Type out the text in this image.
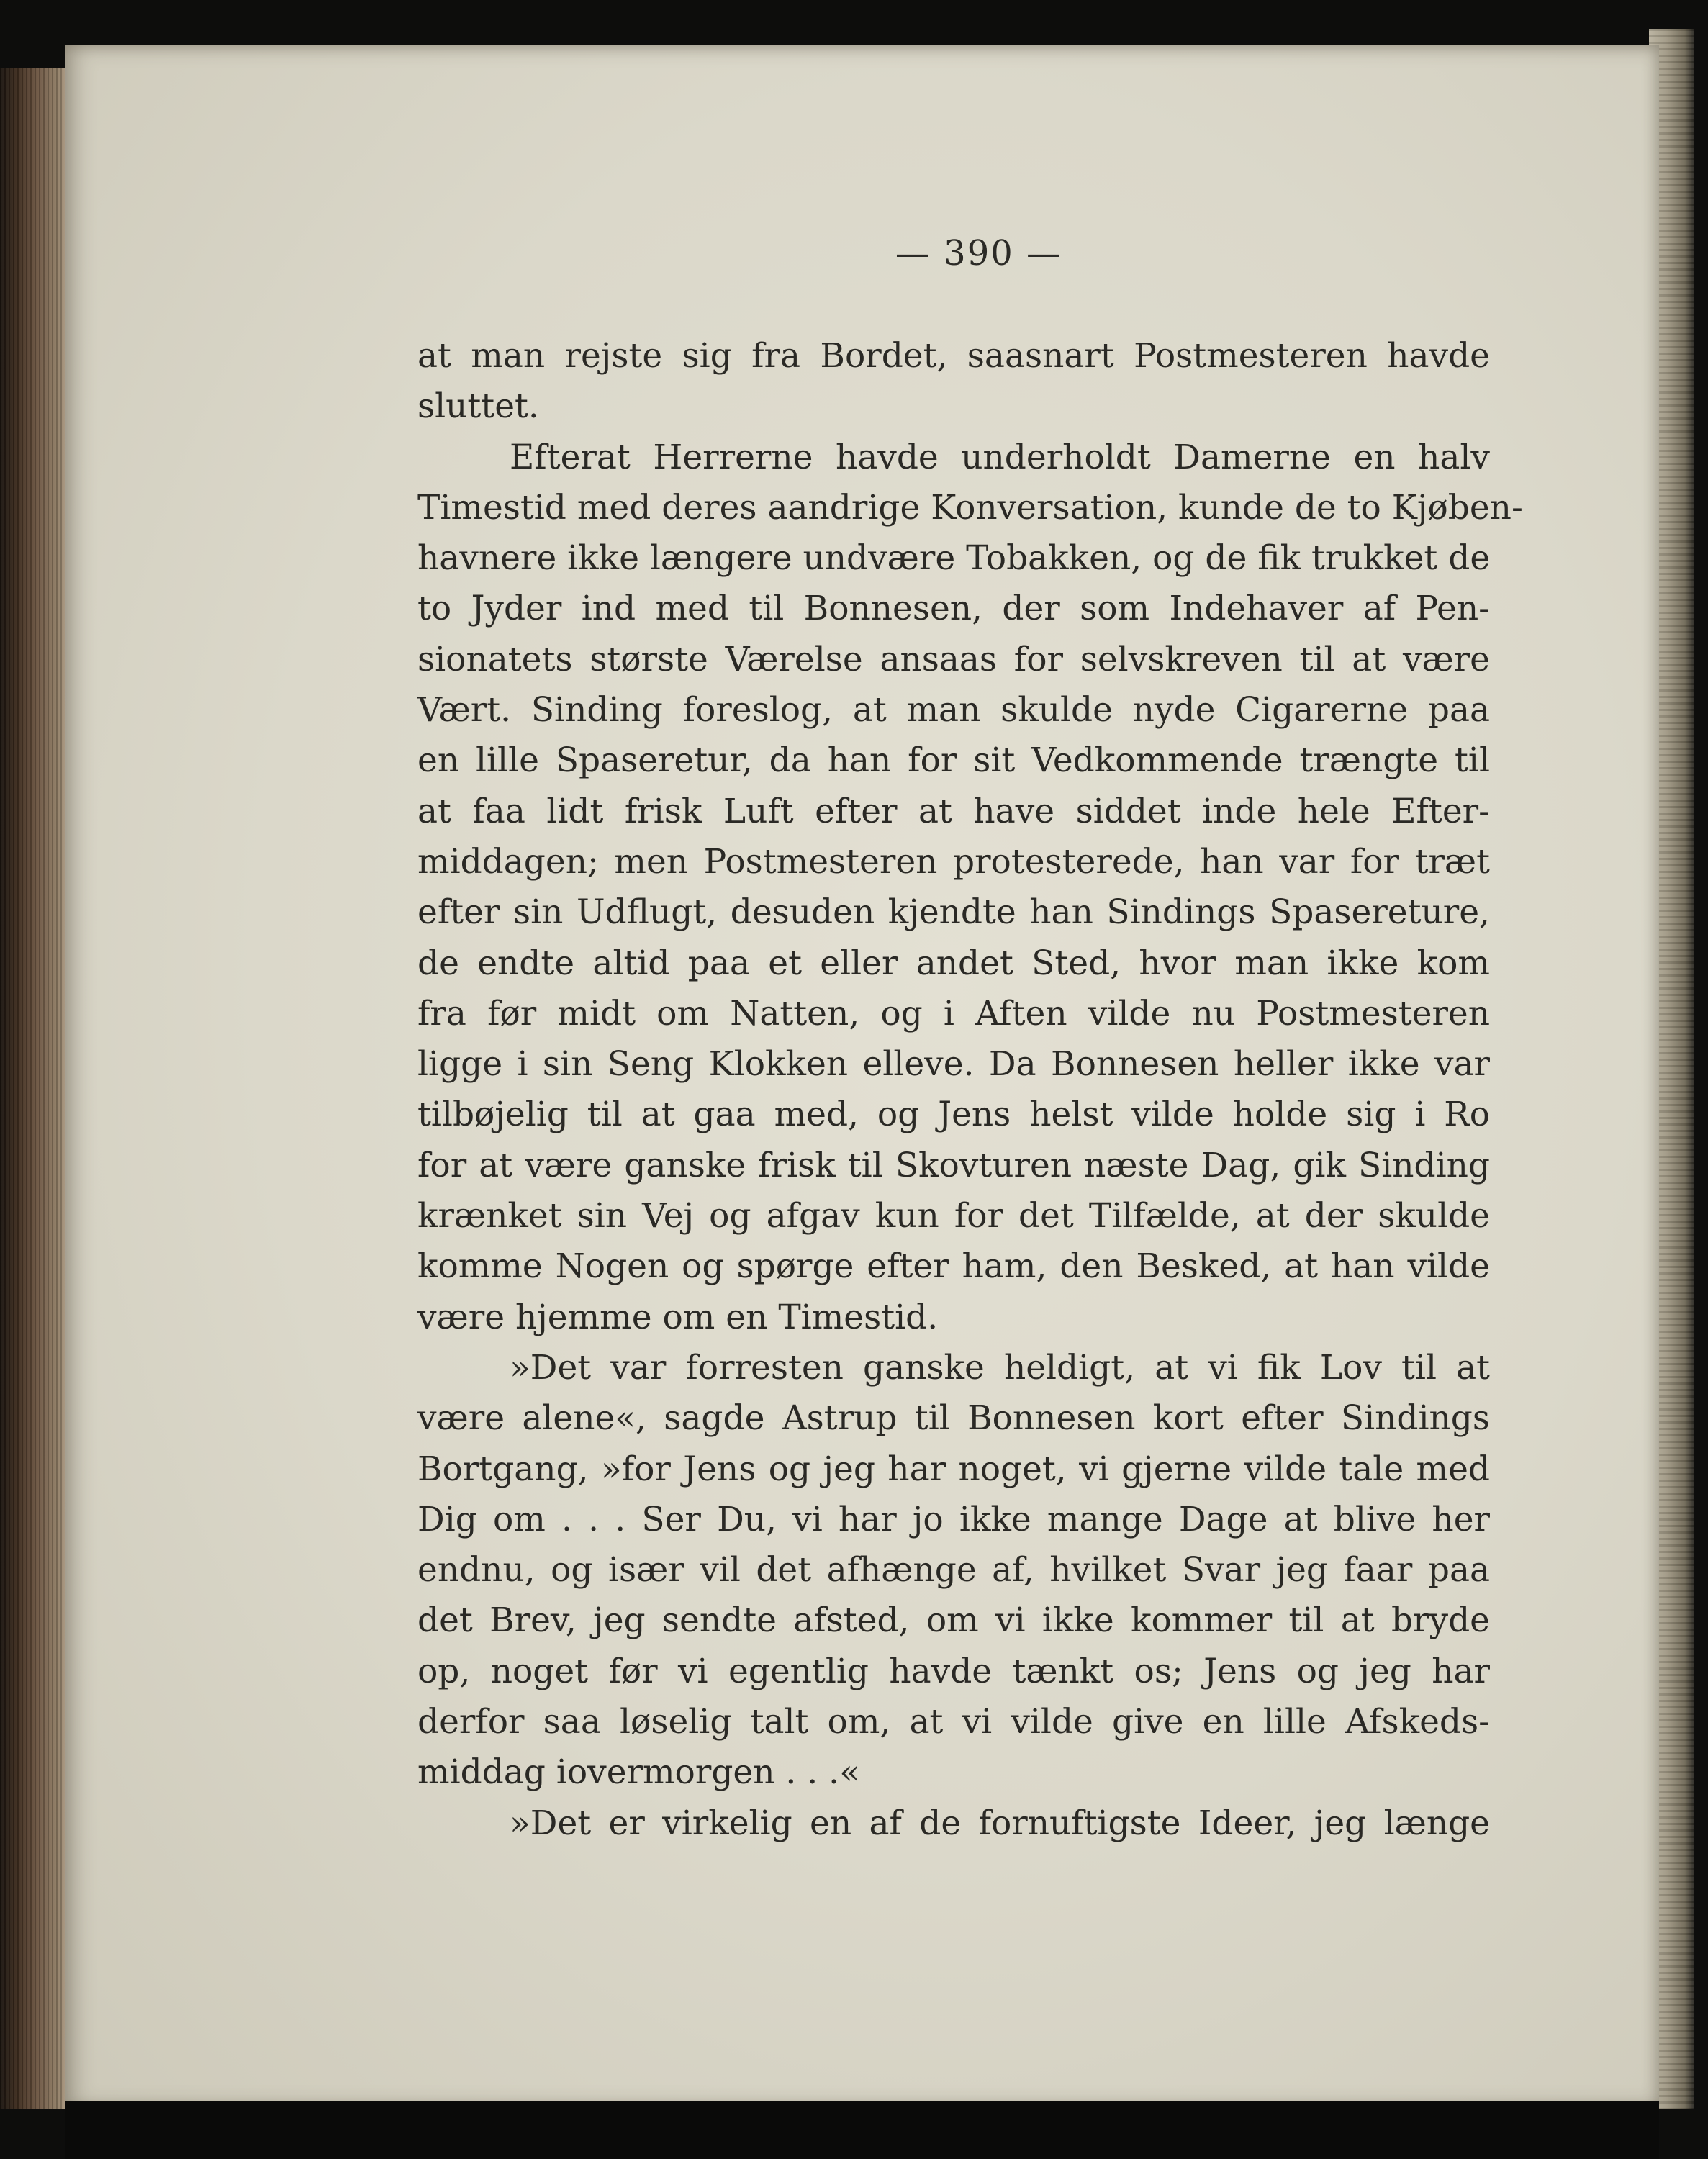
— 390 —
at man rejste sig fra Bordet, saasnart Postmesteren havde
sluttet.
Efterat Herrerne havde underholdt Damerne en halv
Timestid med deres aandrige Konversation, kunde de to Kjøben-
havnere ikke længere undvære Tobakken, og de fik trukket de
to Jyder ind med til Bonnesen, der som Indehaver af Pen-
sionatets største Værelse ansaas for selvskreven til at være
Vært. Sinding foreslog, at man skulde nyde Cigarerne paa
en lille Spaseretur, da han for sit Vedkommende trængte til
at faa lidt frisk Luft efter at have siddet inde hele Efter-
middagen; men Postmesteren protesterede, han var for træt
efter sin Udflugt, desuden kjendte han Sindings Spasereture,
de endte altid paa et eller andet Sted, hvor man ikke kom
fra før midt om Natten, og i Aften vilde nu Postmesteren
ligge i sin Seng Klokken elleve. Da Bonnesen heller ikke var
tilbøjelig til at gaa med, og Jens helst vilde holde sig i Ro
for at være ganske frisk til Skovturen næste Dag, gik Sinding
krænket sin Vej og afgav kun for det Tilfælde, at der skulde
komme Nogen og spørge efter ham, den Besked, at han vilde
være hjemme om en Timestid.
»Det var forresten ganske heldigt, at vi fik Lov til at
være alene«, sagde Astrup til Bonnesen kort efter Sindings
Bortgang, »for Jens og jeg har noget, vi gjerne vilde tale med
Dig om . . . Ser Du, vi har jo ikke mange Dage at blive her
endnu, og især vil det afhænge af, hvilket Svar jeg faar paa
det Brev, jeg sendte afsted, om vi ikke kommer til at bryde
op, noget før vi egentlig havde tænkt os; Jens og jeg har
derfor saa løselig talt om, at vi vilde give en lille Afskeds-
middag iovermorgen . . .«
»Det er virkelig en af de fornuftigste Ideer, jeg længe
